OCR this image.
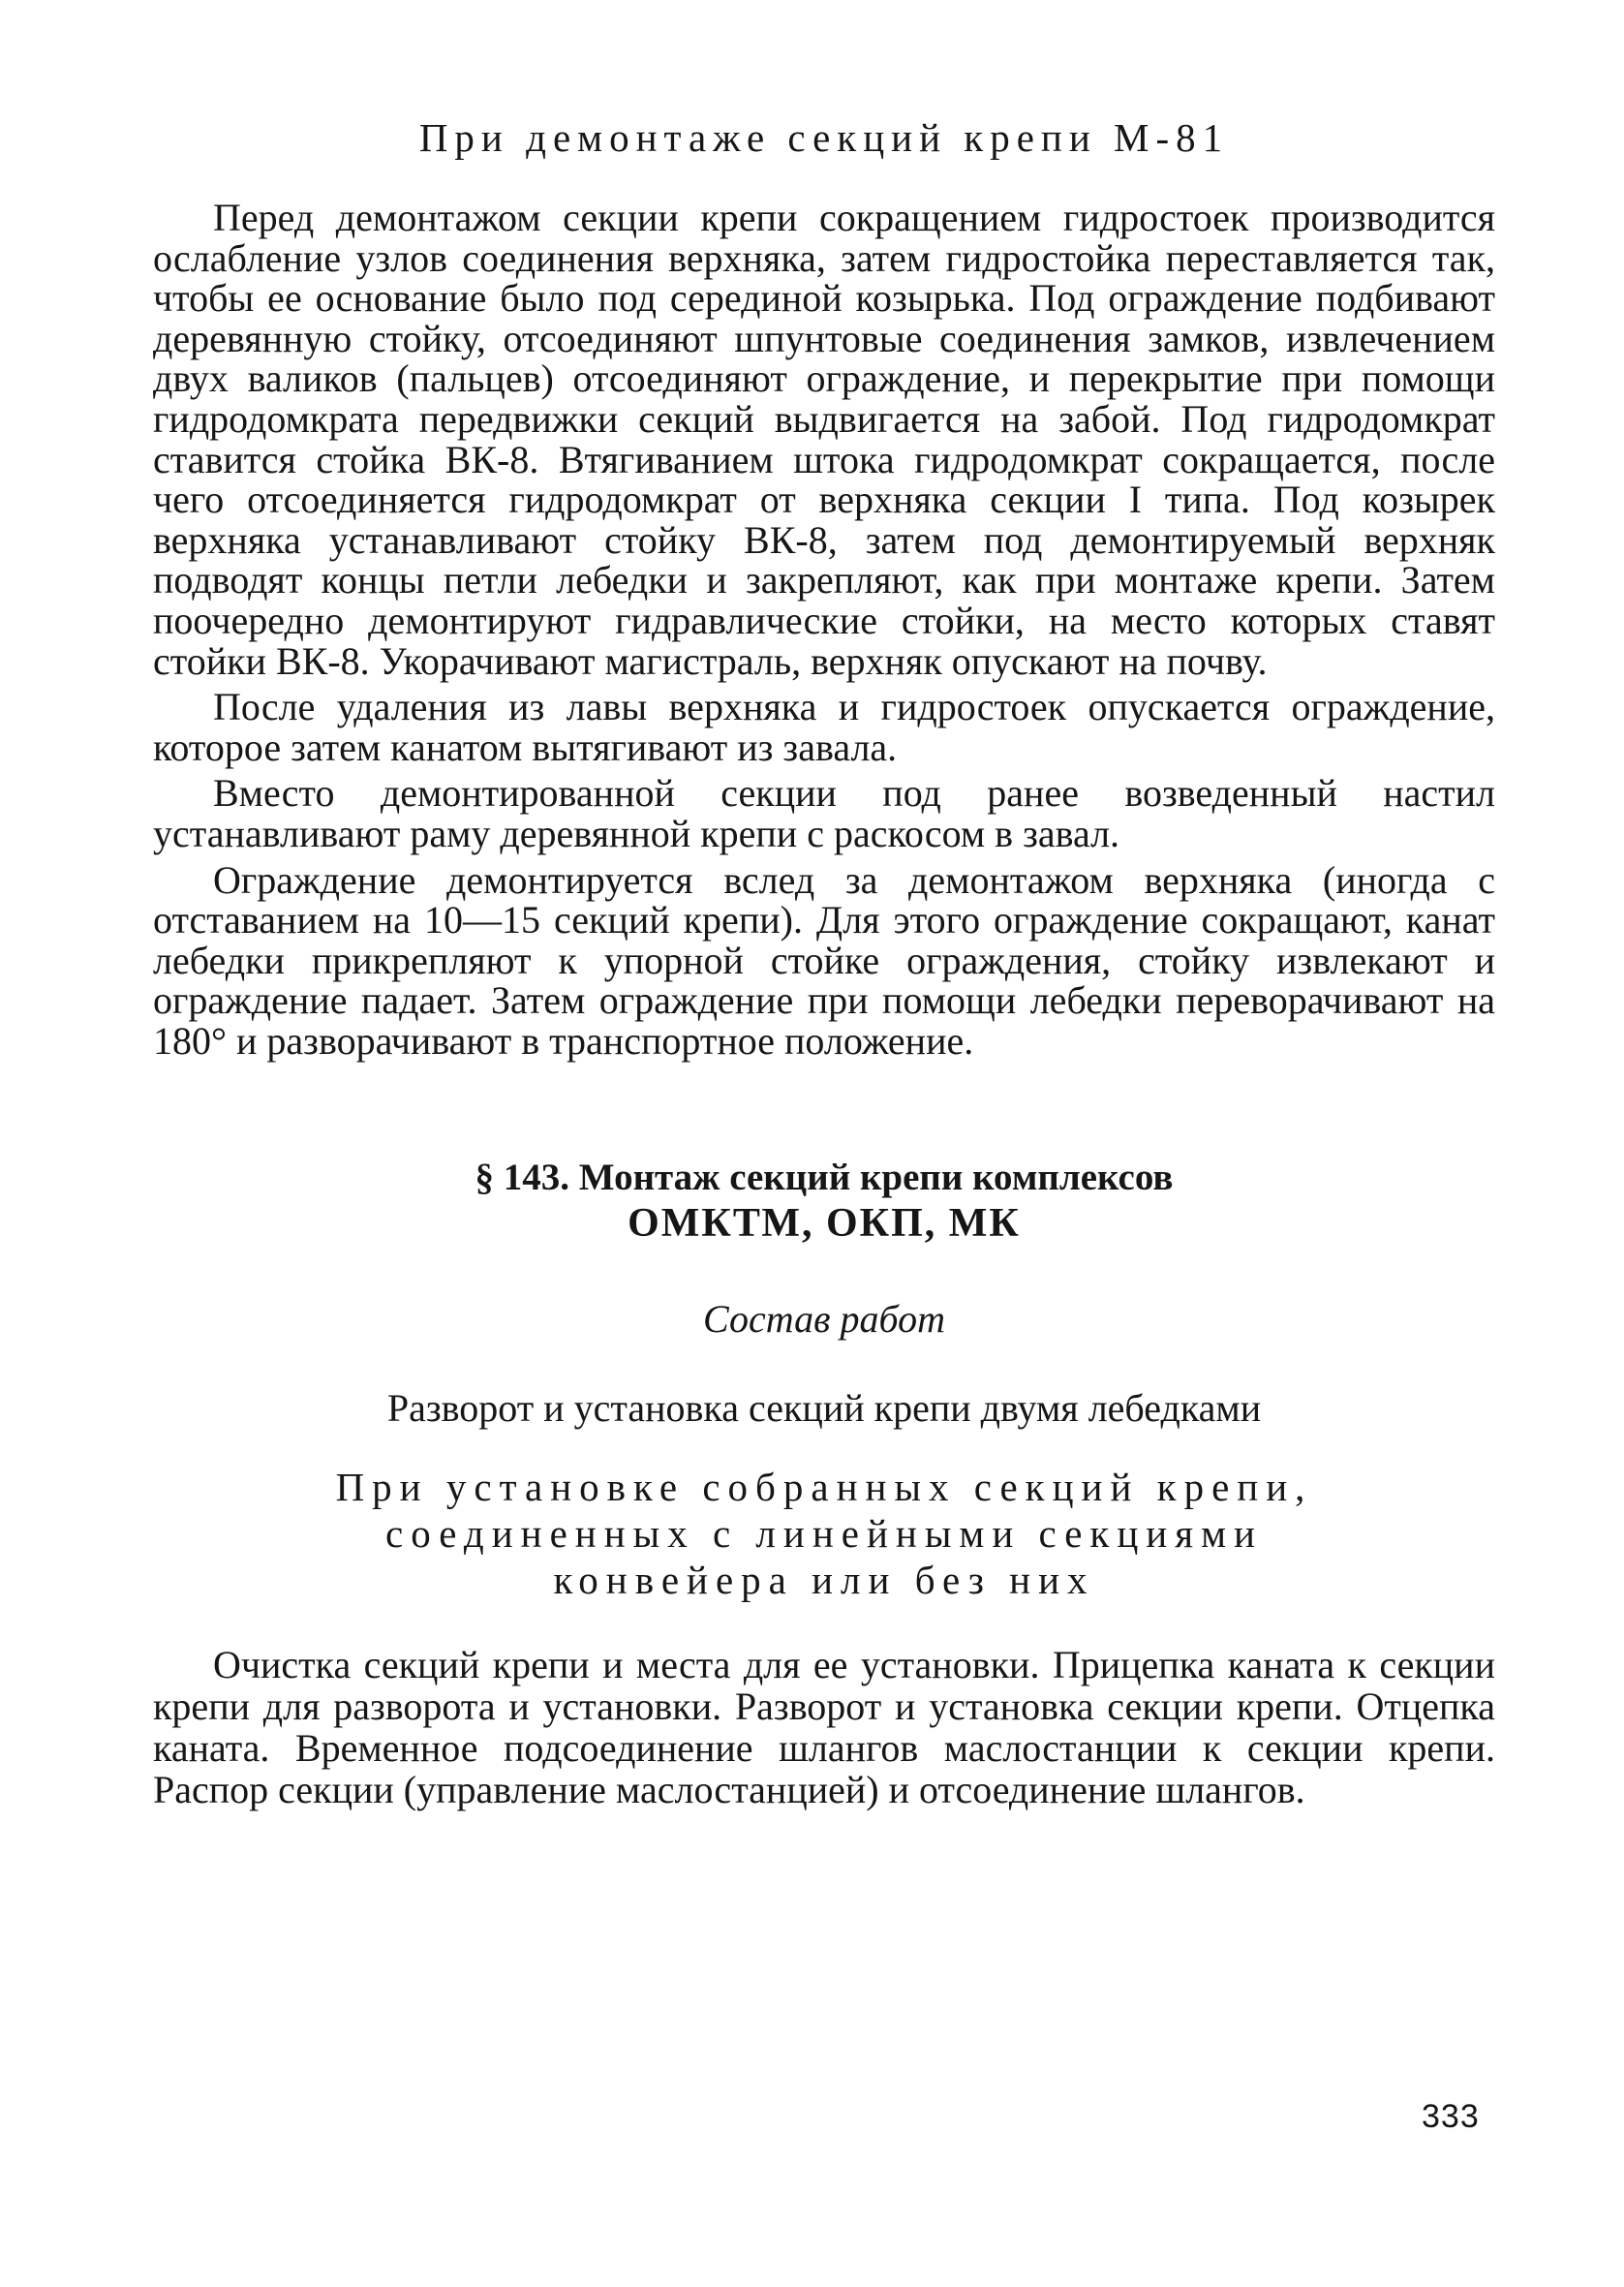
При демонтаже секций крепи М-81

Перед демонтажом секции крепи сокращением гидростоек производится ослабление узлов соединения верхняка, затем гидростойка переставляется так, чтобы ее основание было под серединой козырька. Под ограждение подбивают деревянную стойку, отсоединяют шпунтовые соединения замков, извлечением двух валиков (пальцев) отсоединяют ограждение, и перекрытие при помощи гидродомкрата передвижки секций выдвигается на забой. Под гидродомкрат ставится стойка ВК-8. Втягиванием штока гидродомкрат сокращается, после чего отсоединяется гидродомкрат от верхняка секции I типа. Под козырек верхняка устанавливают стойку ВК-8, затем под демонтируемый верхняк подводят концы петли лебедки и закрепляют, как при монтаже крепи. Затем поочередно демонтируют гидравлические стойки, на место которых ставят стойки ВК-8. Укорачивают магистраль, верхняк опускают на почву.

После удаления из лавы верхняка и гидростоек опускается ограждение, которое затем канатом вытягивают из завала.

Вместо демонтированной секции под ранее возведенный настил устанавливают раму деревянной крепи с раскосом в завал.

Ограждение демонтируется вслед за демонтажом верхняка (иногда с отставанием на 10—15 секций крепи). Для этого ограждение сокращают, канат лебедки прикрепляют к упорной стойке ограждения, стойку извлекают и ограждение падает. Затем ограждение при помощи лебедки переворачивают на 180° и разворачивают в транспортное положение.

§ 143. Монтаж секций крепи комплексов

ОМКТМ, ОКП, МК

Состав работ

Разворот и установка секций крепи двумя лебедками

При установке собранных секций крепи,
соединенных с линейными секциями
конвейера или без них

Очистка секций крепи и места для ее установки. Прицепка каната к секции крепи для разворота и установки. Разворот и установка секции крепи. Отцепка каната. Временное подсоединение шлангов маслостанции к секции крепи. Распор секции (управление маслостанцией) и отсоединение шлангов.

333
